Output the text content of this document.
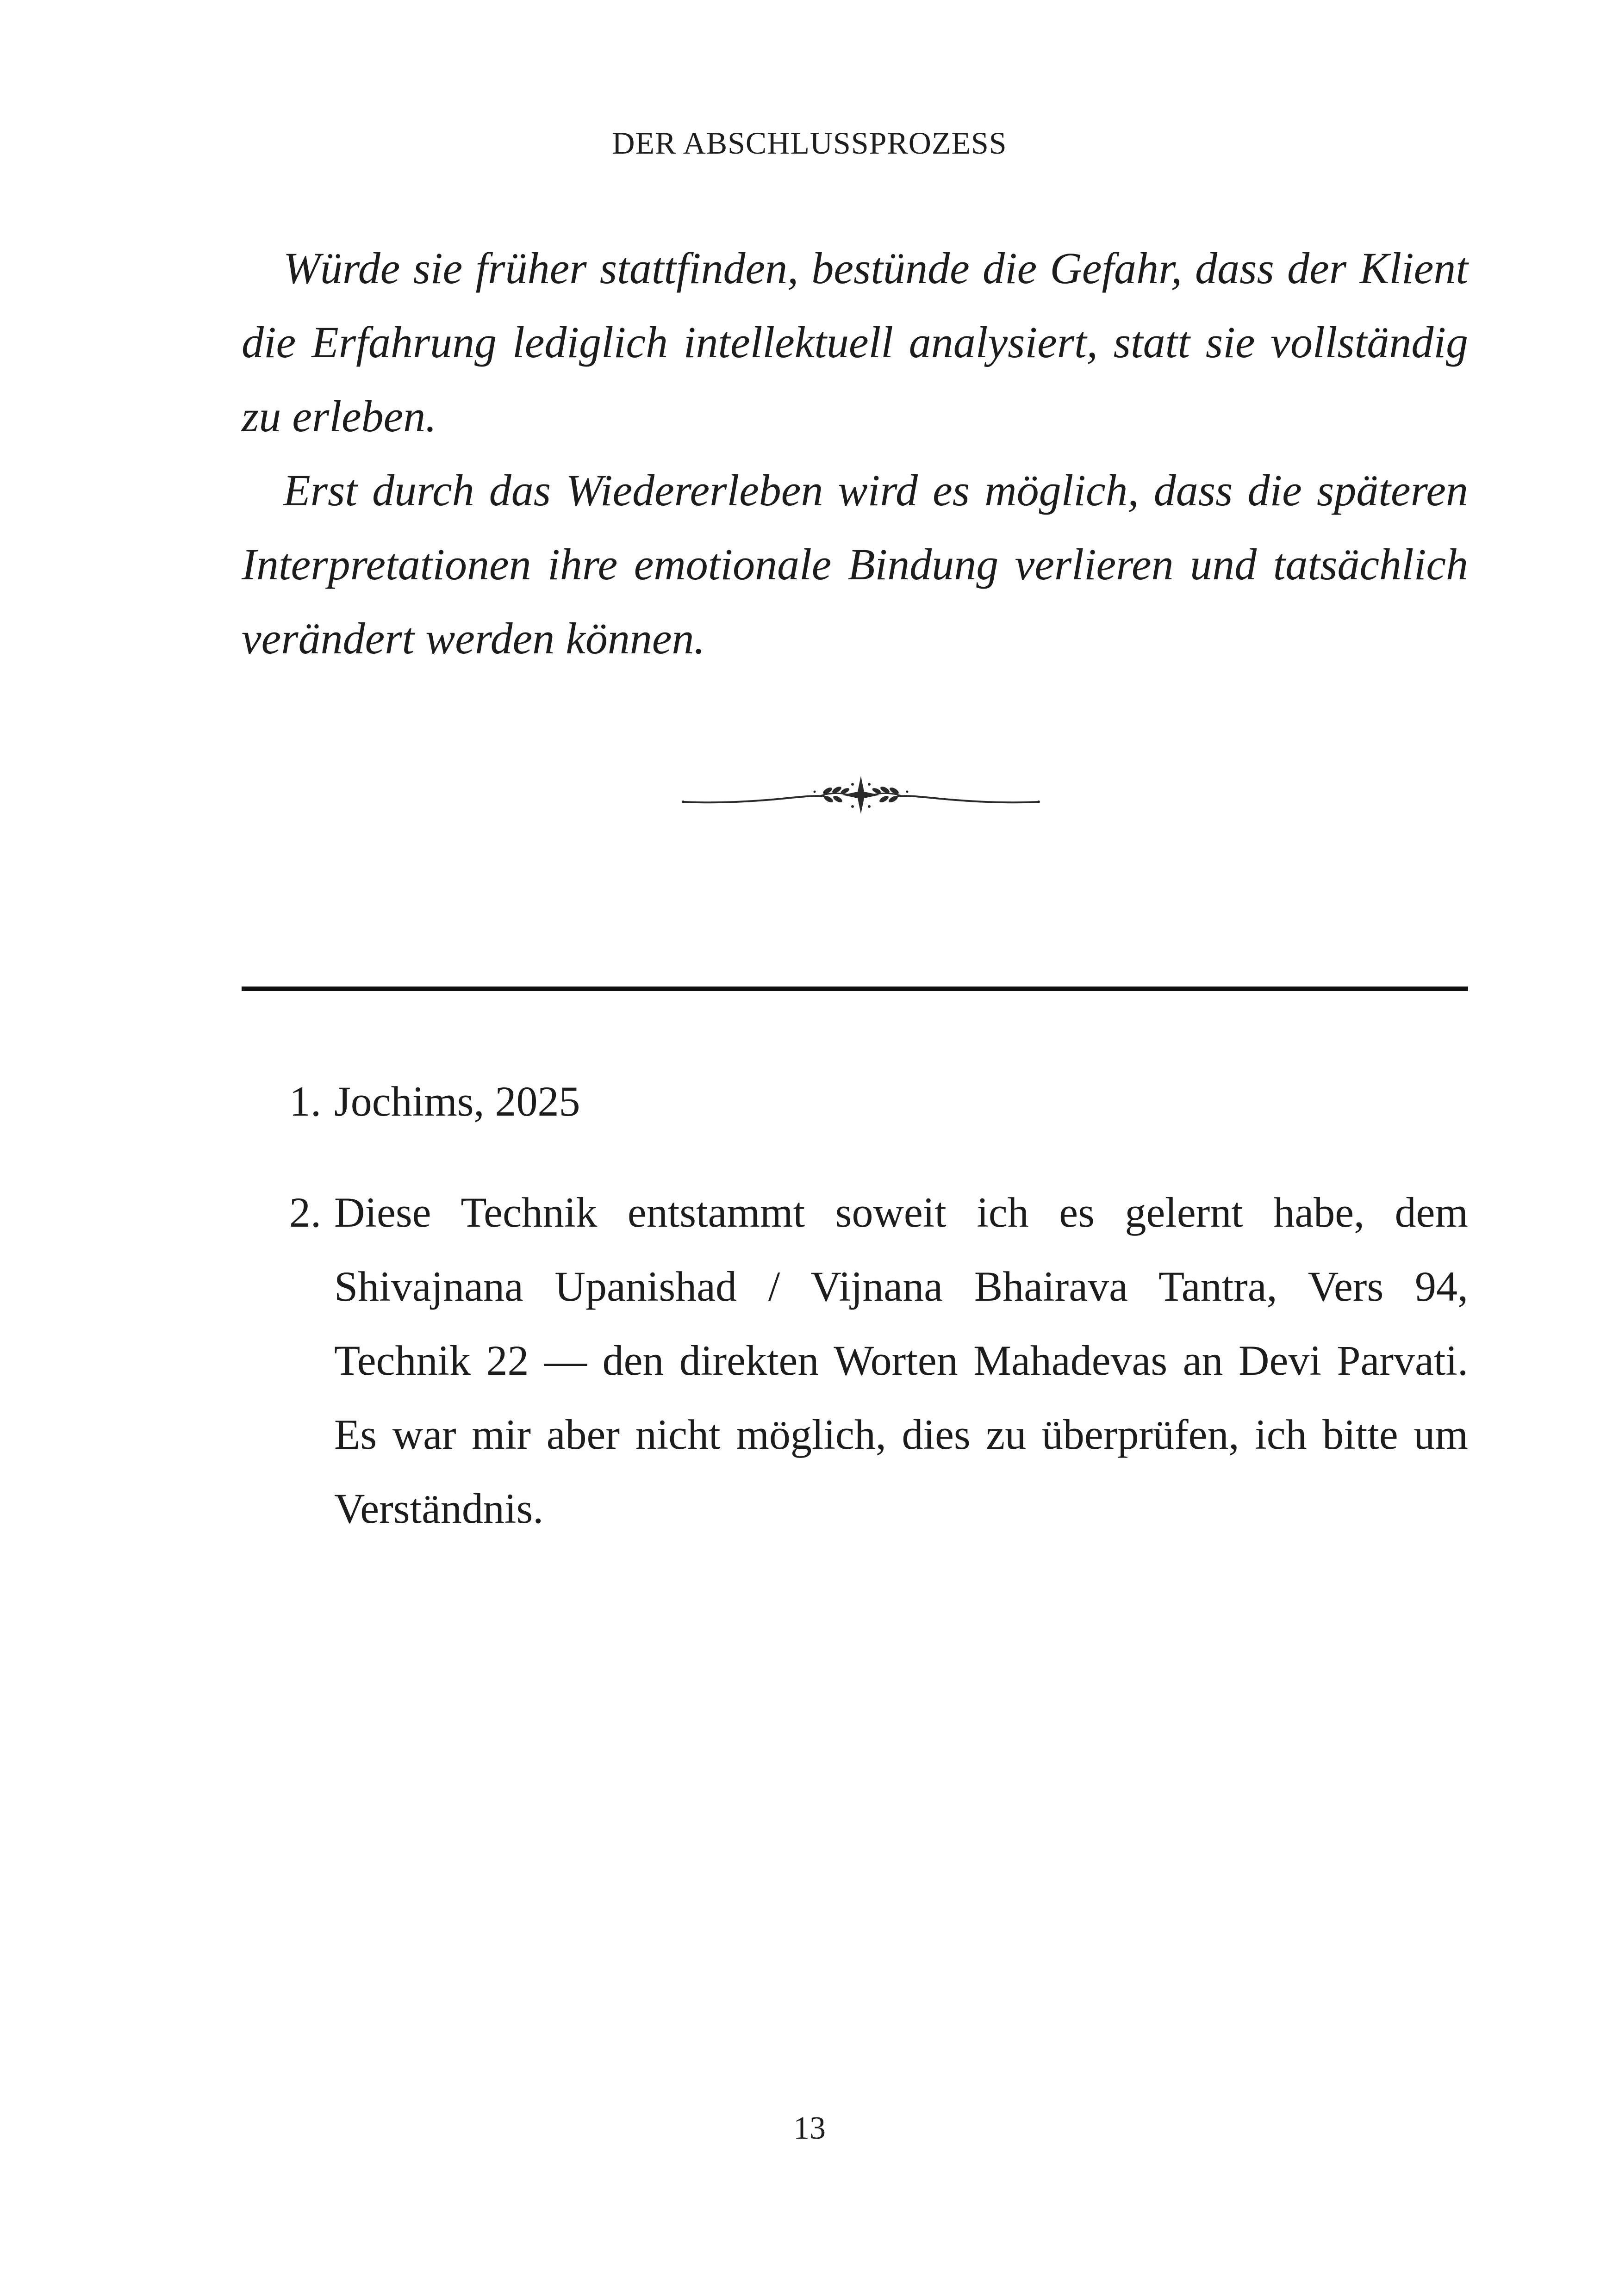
DER ABSCHLUSSPROZESS

Würde sie früher stattfinden, bestünde die Gefahr, dass der Klient die Erfahrung lediglich intellektuell analysiert, statt sie vollständig zu erleben.

Erst durch das Wiedererleben wird es möglich, dass die späteren Interpretationen ihre emotionale Bindung verlieren und tatsächlich verändert werden können.

1. Jochims, 2025
2. Diese Technik entstammt soweit ich es gelernt habe, dem Shivajnana Upanishad / Vijnana Bhairava Tantra, Vers 94, Technik 22 — den direkten Worten Mahadevas an Devi Parvati. Es war mir aber nicht möglich, dies zu überprüfen, ich bitte um Verständnis.
13
